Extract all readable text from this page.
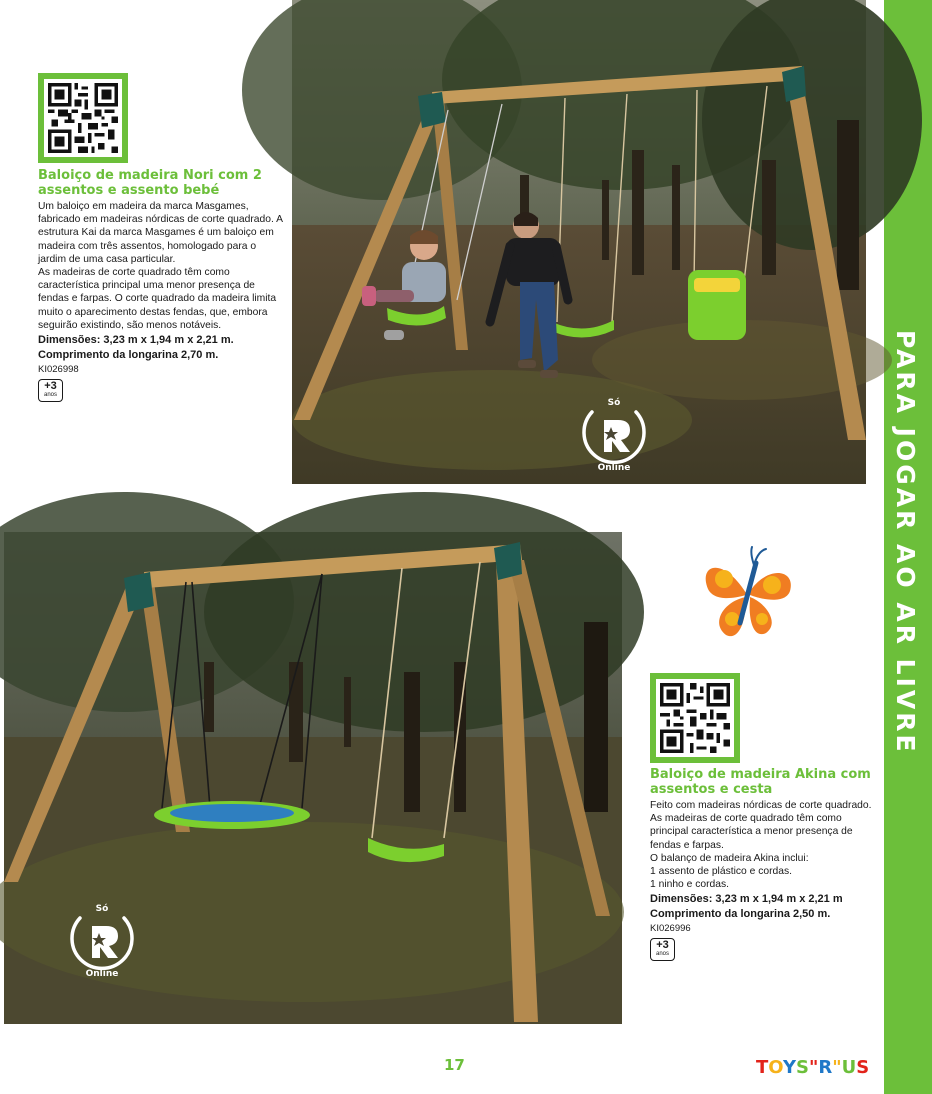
PARA JOGAR AO AR LIVRE
Só
Online
Baloiço de madeira Nori com 2 assentos e assento bebé

Um baloiço em madeira da marca Masgames, fabricado em madeiras nórdicas de corte quadrado. A estrutura Kai da marca Masgames é um baloiço em madeira com três assentos, homologado para o jardim de uma casa particular.

As madeiras de corte quadrado têm como característica principal uma menor presença de fendas e farpas. O corte quadrado da madeira limita muito o aparecimento destas fendas, que, embora seguirão existindo, são menos notáveis.

Dimensões: 3,23 m x 1,94 m x 2,21 m.
Comprimento da longarina 2,70 m.
KI026998
+3
anos
Só
Online
Baloiço de madeira Akina com assentos e cesta

Feito com madeiras nórdicas de corte quadrado. As madeiras de corte quadrado têm como principal característica a menor presença de fendas e farpas.

O balanço de madeira Akina inclui:

1 assento de plástico e cordas.

1 ninho e cordas.

Dimensões: 3,23 m x 1,94 m x 2,21 m
Comprimento da longarina 2,50 m.
KI026996
+3
anos
17	TOYS"R"US
